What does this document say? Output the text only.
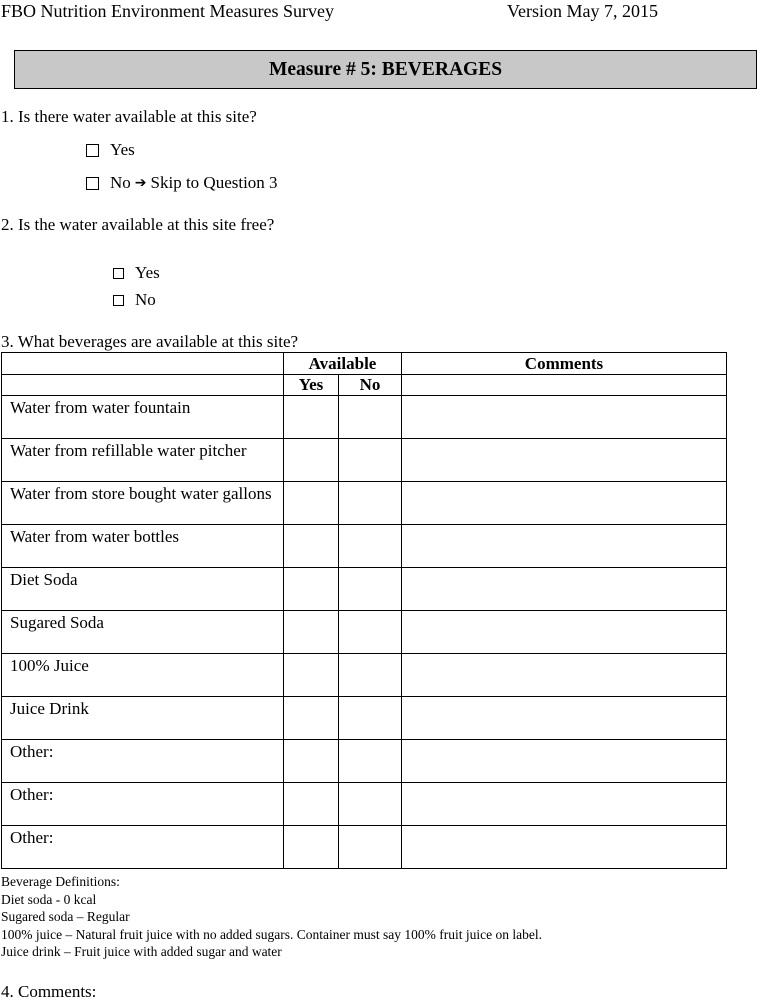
FBO Nutrition Environment Measures Survey	Version May 7, 2015
Measure # 5: BEVERAGES
1. Is there water available at this site?
Yes
No ➔ Skip to Question 3
2. Is the water available at this site free?
Yes
No
3. What beverages are available at this site?
	Available		Comments
	Yes	No	
Water from water fountain			
Water from refillable water pitcher			
Water from store bought water gallons			
Water from water bottles			
Diet Soda			
Sugared Soda			
100% Juice			
Juice Drink			
Other:			
Other:			
Other:			
Beverage Definitions:
Diet soda - 0 kcal
Sugared soda – Regular
100% juice – Natural fruit juice with no added sugars. Container must say 100% fruit juice on label.
Juice drink – Fruit juice with added sugar and water
4. Comments:
